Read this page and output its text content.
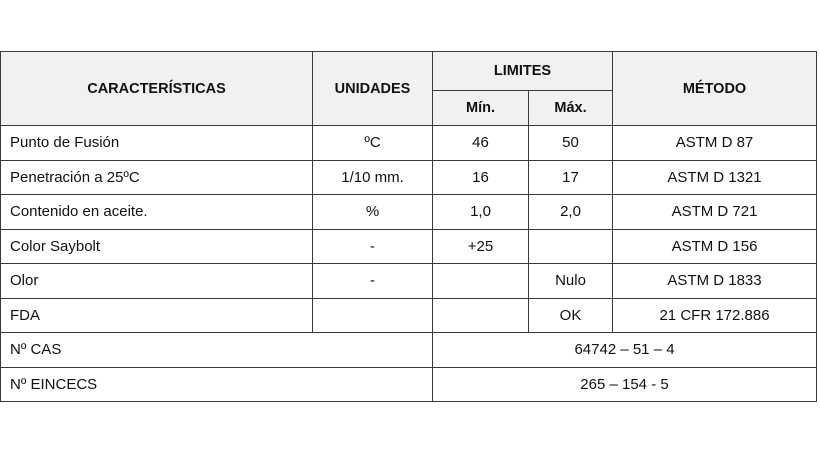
CARACTERÍSTICAS	UNIDADES	LIMITES		MÉTODO
		Mín.	Máx.	
Punto de Fusión	ºC	46	50	ASTM D 87
Penetración a 25ºC	1/10 mm.	16	17	ASTM D 1321
Contenido en aceite.	%	1,0	2,0	ASTM D 721
Color Saybolt	-	+25		ASTM D 156
Olor	-		Nulo	ASTM D 1833
FDA			OK	21 CFR 172.886
Nº CAS		64742 – 51 – 4		
Nº EINCECS		265 – 154 - 5		
